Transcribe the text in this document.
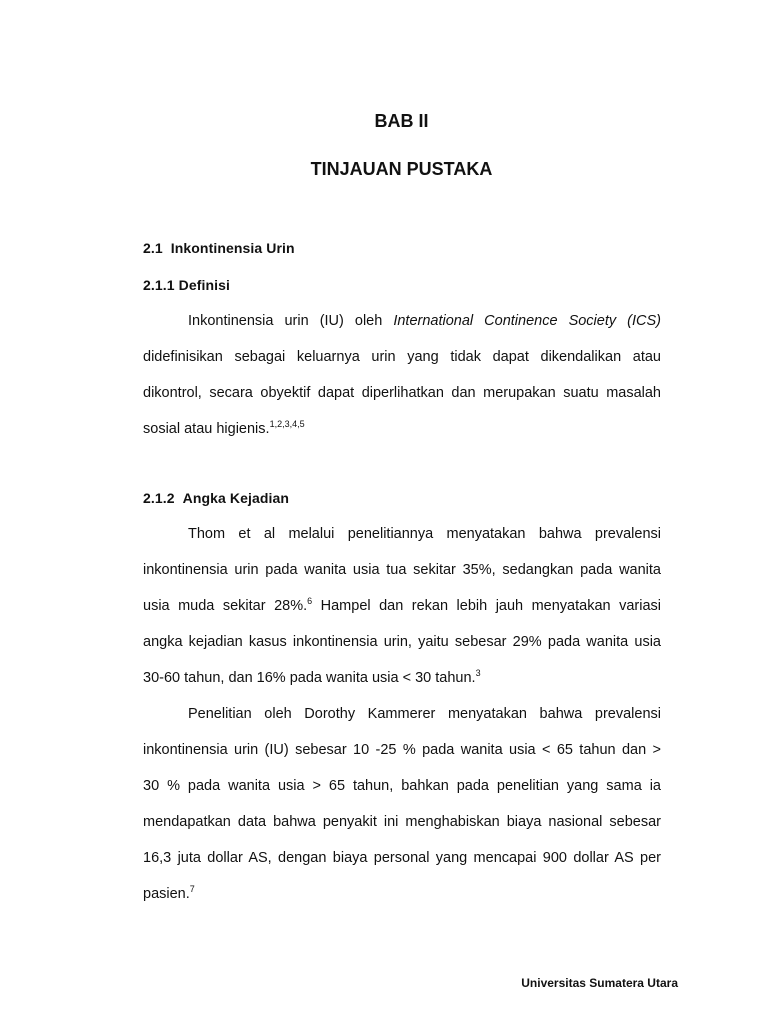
BAB II
TINJAUAN PUSTAKA
2.1 Inkontinensia Urin
2.1.1 Definisi
Inkontinensia urin (IU) oleh International Continence Society (ICS)
didefinisikan sebagai keluarnya urin yang tidak dapat dikendalikan atau
dikontrol, secara obyektif dapat diperlihatkan dan merupakan suatu masalah
sosial atau higienis.$^{1,2,3,4,5}$
2.1.2 Angka Kejadian
Thom et al melalui penelitiannya menyatakan bahwa prevalensi
inkontinensia urin pada wanita usia tua sekitar 35%, sedangkan pada wanita
usia muda sekitar 28%.$^6$ Hampel dan rekan lebih jauh menyatakan variasi
angka kejadian kasus inkontinensia urin, yaitu sebesar 29% pada wanita usia
30-60 tahun, dan 16% pada wanita usia < 30 tahun.$^3$
Penelitian oleh Dorothy Kammerer menyatakan bahwa prevalensi
inkontinensia urin (IU) sebesar 10 -25 % pada wanita usia < 65 tahun dan >
30 % pada wanita usia > 65 tahun, bahkan pada penelitian yang sama ia
mendapatkan data bahwa penyakit ini menghabiskan biaya nasional sebesar
16,3 juta dollar AS, dengan biaya personal yang mencapai 900 dollar AS per
pasien.$^7$

Universitas Sumatera Utara
